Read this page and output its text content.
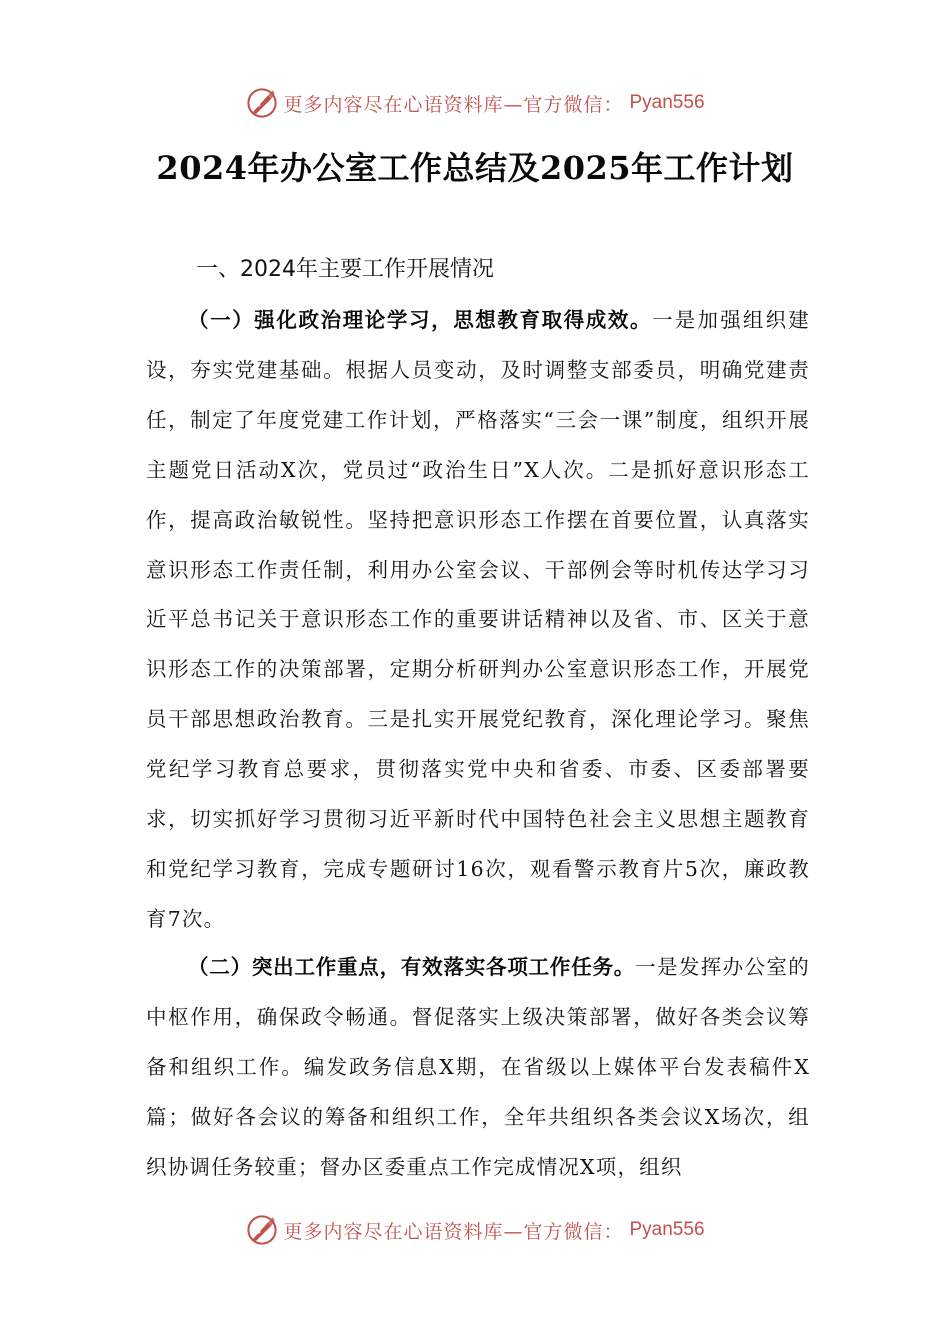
更多内容尽在心语资料库—官方微信： Pyan556
2024年办公室工作总结及2025年工作计划
一、2024年主要工作开展情况

（一）强化政治理论学习，思想教育取得成效。一是加强组织建设，夯实党建基础。根据人员变动，及时调整支部委员，明确党建责任，制定了年度党建工作计划，严格落实“三会一课”制度，组织开展主题党日活动X次，党员过“政治生日”X人次。二是抓好意识形态工作，提高政治敏锐性。坚持把意识形态工作摆在首要位置，认真落实意识形态工作责任制，利用办公室会议、干部例会等时机传达学习习近平总书记关于意识形态工作的重要讲话精神以及省、市、区关于意识形态工作的决策部署，定期分析研判办公室意识形态工作，开展党员干部思想政治教育。三是扎实开展党纪教育，深化理论学习。聚焦党纪学习教育总要求，贯彻落实党中央和省委、市委、区委部署要求，切实抓好学习贯彻习近平新时代中国特色社会主义思想主题教育和党纪学习教育，完成专题研讨16次，观看警示教育片5次，廉政教育7次。

（二）突出工作重点，有效落实各项工作任务。一是发挥办公室的中枢作用，确保政令畅通。督促落实上级决策部署，做好各类会议筹备和组织工作。编发政务信息X期，在省级以上媒体平台发表稿件X篇；做好各会议的筹备和组织工作，全年共组织各类会议X场次，组织协调任务较重；督办区委重点工作完成情况X项，组织

更多内容尽在心语资料库—官方微信： Pyan556
